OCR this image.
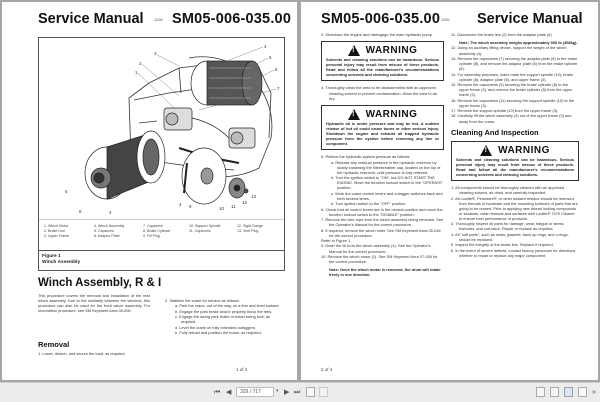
Service Manual	1106 SM05-006-035.00
1
2
3
4
5
6
7
5
8	4
4 9	10 11
12
13
1. Winch Motor
2. Brake Line
3. Upper Frame
4. Winch Assembly
5. Capscrew
6. Adaptor Plate
7. Capscrew
8. Brake Cylinder
9. Fill Plug
10. Support Spindle
11. Capscrew
12. Sight Gauge
13. Vent Plug
Figure 1
Winch Assembly
Winch Assembly, R & I

This procedure covers the removal and installation of the rear winch assembly. Due to the similarity between the winches, this procedure can also be used for the front winch assembly. For recondition procedure, see SM Keysheet Area 05-006.

Removal

1. Lower, detach, and secure the load, as required.

2. Stabilize the crane for service as follows:

a. Park the crane, out of the way, on a firm and level surface.

b. Engage the park brake and/or properly block the tires.

c. Engage the swing park brake or travel swing lock, as required.

d. Level the crane on fully extended outriggers.

e. Fully retract and position the boom, as required.

1 of 4
SM05-006-035.00 1106 Service Manual

3. Shutdown the engine and disengage the main hydraulic pump.

!
WARNING
Solvents and cleaning solutions can be hazardous. Serious personal injury may result from misuse of these products. Read and follow all the manufacturer's recommendations concerning solvents and cleaning solutions.

4. Thoroughly clean the area to be disassembled with an approved cleaning solvent to prevent contamination. Allow the area to air dry.

!
WARNING
Hydraulic oil is under pressure and may be hot. A sudden release of hot oil could cause burns or other serious injury. Shutdown the engine and exhaust all trapped hydraulic pressure from the system before removing any line or component.

5. Relieve the hydraulic system pressure as follows:

a. Release any residual pressure in the hydraulic reservoir by slowly loosening the filler/breather cap, located on the top of the hydraulic reservoir, until pressure is fully relieved.

b. Turn the ignition switch to "ON", but DO NOT START THE ENGINE. Move the function lockout switch to the "OPERATE" position.

c. Work the crane control levers and outrigger switches back and forth several times.

d. Turn ignition switch to the "OFF" position.

6. Check that all control levers are in the neutral position and move the function lockout switch to the "DISABLE" position.

7. Remove the wire rope from the winch assembly being removed. See the Operator's Manual for the correct procedure.

8. If required, remove the winch roller. See SM Keysheet Area 05-018 for the correct procedure.

Refer to Figure 1.

9. Drain the oil from the winch assembly (4). See the Operator's Manual for the correct procedure.

10. Remove the winch motor (1). See SM Keysheet Area 07-006 for the correct procedure.

Note: Once the winch motor is removed, the drum will rotate freely in one direction.

2 of 4

11. Disconnect the brake line (2) from the adaptor plate (6).

Note: The winch assembly weighs approximately 900 lb (408kg).

12. Using an auxiliary lifting device, support the weight of the winch assembly (4).

13. Remove the capscrews (7) securing the adaptor plate (6) to the brake cylinder (8), and remove the adaptor plate (6) from the brake cylinder (8).

14. For assembly purposes, index mark the support spindle (10), brake cylinder (8), adaptor plate (6), and upper frame (3).

15. Remove the capscrews (5) securing the brake cylinder (8) to the upper frame (3), and remove the brake cylinder (8) from the upper frame (3).

16. Remove the capscrews (11) securing the support spindle (10) to the upper frame (3).

17. Remove the support spindle (10) from the upper frame (3).

18. Carefully lift the winch assembly (4) out of the upper frame (3) and away from the crane.

Cleaning And Inspection
!
WARNING
Solvents and cleaning solutions can be hazardous. Serious personal injury may result from misuse of these products. Read and follow all the manufacturer's recommendations concerning solvents and cleaning solutions.

1. All components should be thoroughly cleaned with an approved cleaning solvent, air dried, and carefully inspected.

2. All Loctite®, Permatex®, or other sealant residue should be removed from threads of hardware and the mounting surfaces of parts that are going to be reused. Prior to applying new thread locking compounds or sealants, clean threads and surfaces with Loctite® 7070 Cleaner to ensure best performance of products.

3. Thoroughly inspect all parts for damage, wear, fatigue or stress fractures, and corrosion. Repair or replace as required.

4. All "soft parts", such as seals, gaskets, back up rings, and o-rings, should be replaced.

5. Inspect the integrity of the brake line. Replace if required.

6. In the event of severe defects, contact factory personnel for directions whether to repair or replace any major component.

⏮ ◀
329 / 717	▾ ▶ ⏭	»
